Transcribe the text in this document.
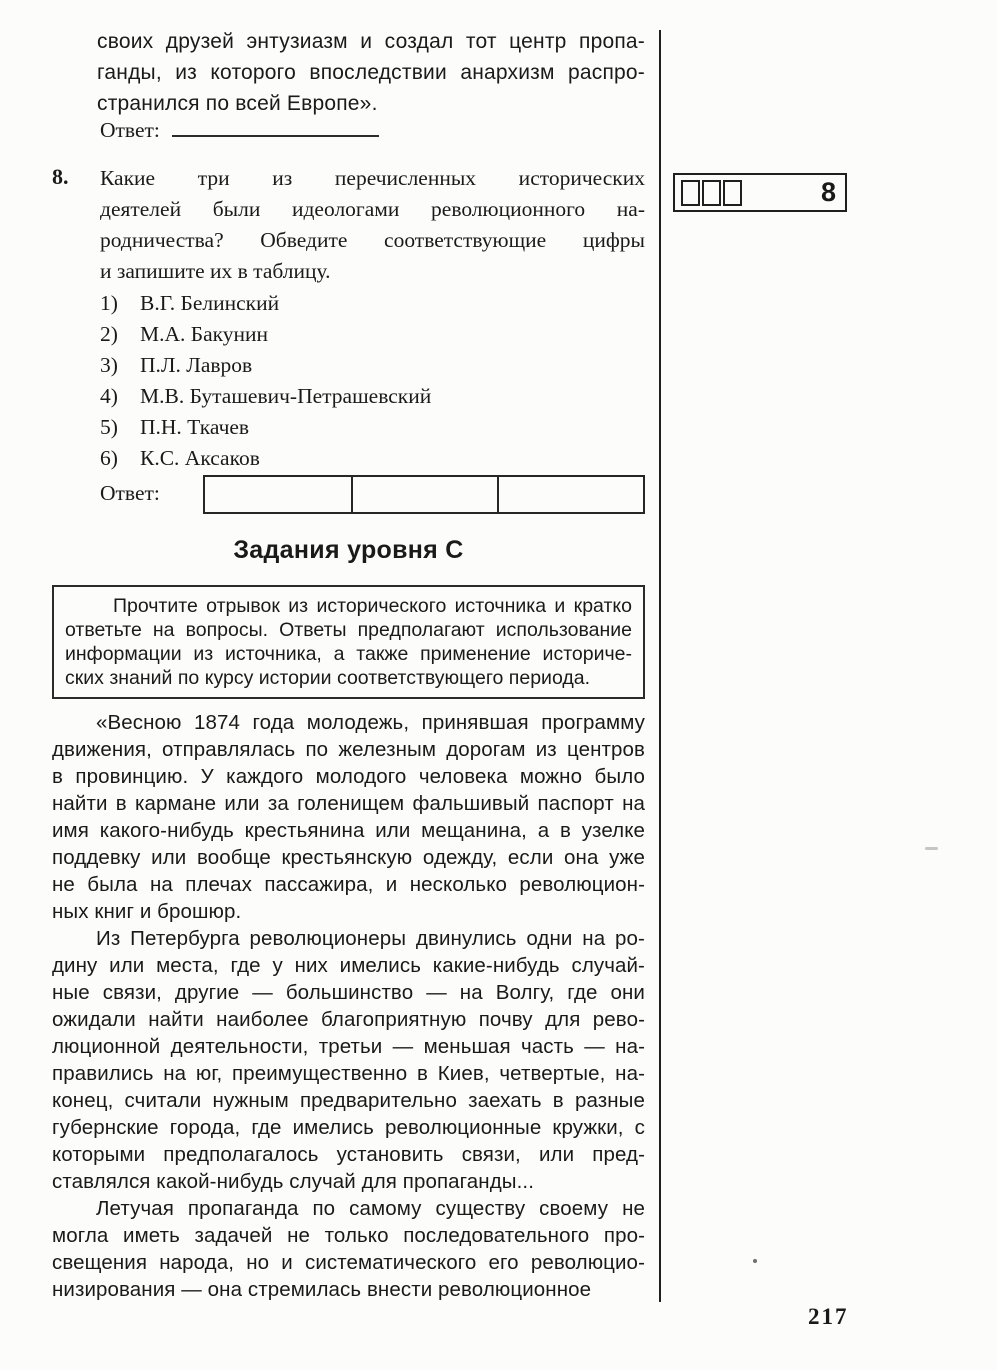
своих друзей энтузиазм и создал тот центр пропа-
ганды, из которого впоследствии анархизм распро-
странился по всей Европе».
Ответ:
8. Какие три из перечисленных исторических
деятелей были идеологами революционного на-
родничества? Обведите соответствующие цифры
и запишите их в таблицу.
1)	В.Г. Белинский
2)	М.А. Бакунин
3)	П.Л. Лавров
4)	М.В. Буташевич-Петрашевский
5)	П.Н. Ткачев
6)	К.С. Аксаков
Ответ:
Задания уровня С
Прочтите отрывок из исторического источника и кратко
ответьте на вопросы. Ответы предполагают использование
информации из источника, а также применение историче-
ских знаний по курсу истории соответствующего периода.
«Весною 1874 года молодежь, принявшая программу
движения, отправлялась по железным дорогам из центров
в провинцию. У каждого молодого человека можно было
найти в кармане или за голенищем фальшивый паспорт на
имя какого-нибудь крестьянина или мещанина, а в узелке
поддевку или вообще крестьянскую одежду, если она уже
не была на плечах пассажира, и несколько революцион-
ных книг и брошюр.
Из Петербурга революционеры двинулись одни на ро-
дину или места, где у них имелись какие-нибудь случай-
ные связи, другие — большинство — на Волгу, где они
ожидали найти наиболее благоприятную почву для рево-
люционной деятельности, третьи — меньшая часть — на-
правились на юг, преимущественно в Киев, четвертые, на-
конец, считали нужным предварительно заехать в разные
губернские города, где имелись революционные кружки, с
которыми предполагалось установить связи, или пред-
ставлялся какой-нибудь случай для пропаганды...
Летучая пропаганда по самому существу своему не
могла иметь задачей не только последовательного про-
свещения народа, но и систематического его революцио-
низирования — она стремилась внести революционное
8
217
